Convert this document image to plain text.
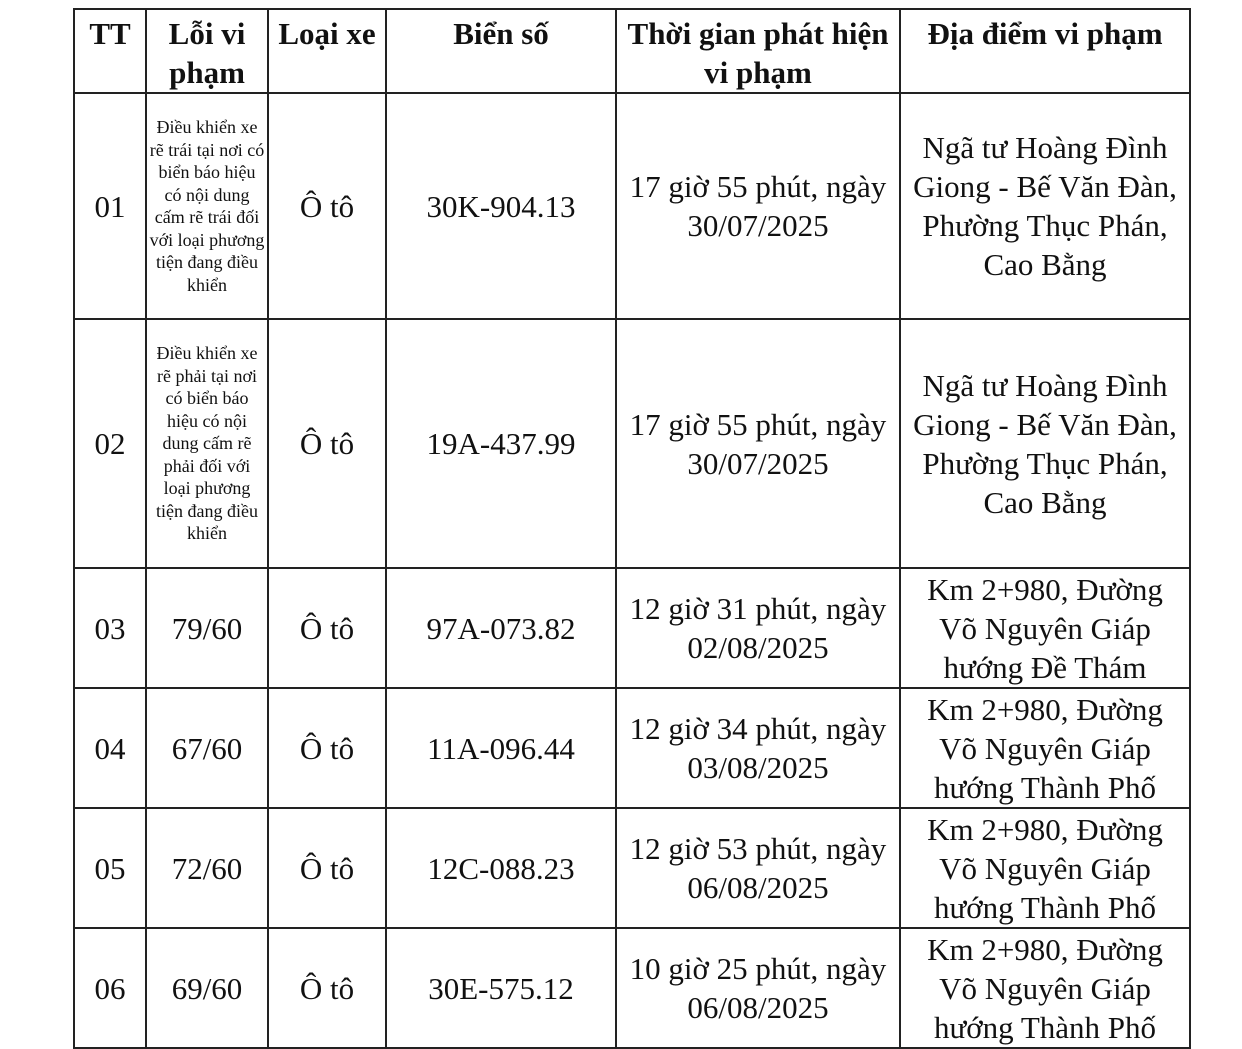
TT	Lỗi vi phạm	Loại xe	Biển số	Thời gian phát hiện vi phạm	Địa điểm vi phạm
01	Điều khiển xe rẽ trái tại nơi có biển báo hiệu có nội dung cấm rẽ trái đối với loại phương tiện đang điều khiển	Ô tô	30K-904.13	17 giờ 55 phút, ngày 30/07/2025	Ngã tư Hoàng Đình Giong - Bế Văn Đàn, Phường Thục Phán, Cao Bằng
02	Điều khiển xe rẽ phải tại nơi có biển báo hiệu có nội dung cấm rẽ phải đối với loại phương tiện đang điều khiển	Ô tô	19A-437.99	17 giờ 55 phút, ngày 30/07/2025	Ngã tư Hoàng Đình Giong - Bế Văn Đàn, Phường Thục Phán, Cao Bằng
03	79/60	Ô tô	97A-073.82	12 giờ 31 phút, ngày 02/08/2025	Km 2+980, Đường Võ Nguyên Giáp hướng Đề Thám
04	67/60	Ô tô	11A-096.44	12 giờ 34 phút, ngày 03/08/2025	Km 2+980, Đường Võ Nguyên Giáp hướng Thành Phố
05	72/60	Ô tô	12C-088.23	12 giờ 53 phút, ngày 06/08/2025	Km 2+980, Đường Võ Nguyên Giáp hướng Thành Phố
06	69/60	Ô tô	30E-575.12	10 giờ 25 phút, ngày 06/08/2025	Km 2+980, Đường Võ Nguyên Giáp hướng Thành Phố
